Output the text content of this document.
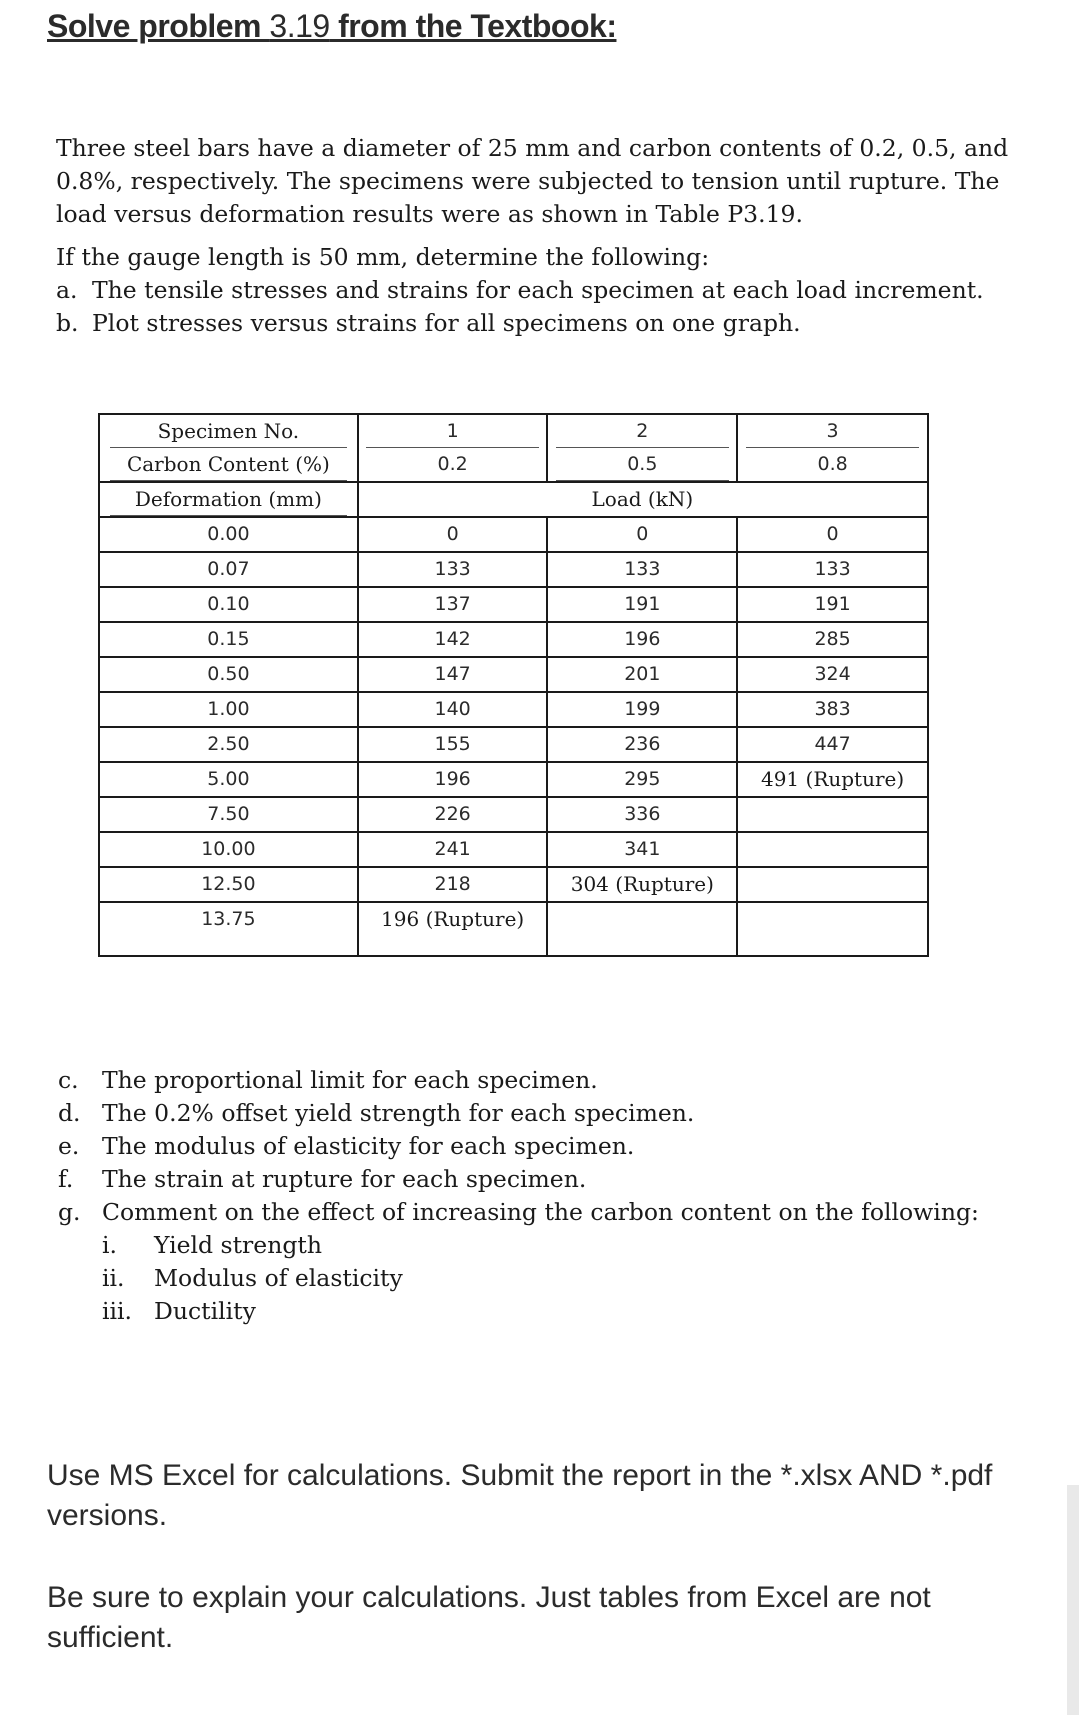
Solve problem 3.19 from the Textbook:

Three steel bars have a diameter of 25 mm and carbon contents of 0.2, 0.5, and 0.8%, respectively. The specimens were subjected to tension until rupture. The load versus deformation results were as shown in Table P3.19.

If the gauge length is 50 mm, determine the following:

a. The tensile stresses and strains for each specimen at each load increment.
b. Plot stresses versus strains for all specimens on one graph.
Specimen No.	1	2	3
Carbon Content (%)	0.2	0.5	0.8
Deformation (mm)		Load (kN)	
0.00	0	0	0
0.07	133	133	133
0.10	137	191	191
0.15	142	196	285
0.50	147	201	324
1.00	140	199	383
2.50	155	236	447
5.00	196	295	491 (Rupture)
7.50	226	336	
10.00	241	341	
12.50	218	304 (Rupture)	
13.75	196 (Rupture)		
c. The proportional limit for each specimen.
d. The 0.2% offset yield strength for each specimen.
e. The modulus of elasticity for each specimen.
f. The strain at rupture for each specimen.
g. Comment on the effect of increasing the carbon content on the following:
i. Yield strength
ii. Modulus of elasticity
iii. Ductility

Use MS Excel for calculations. Submit the report in the *.xlsx AND *.pdf versions.

Be sure to explain your calculations. Just tables from Excel are not sufficient.
